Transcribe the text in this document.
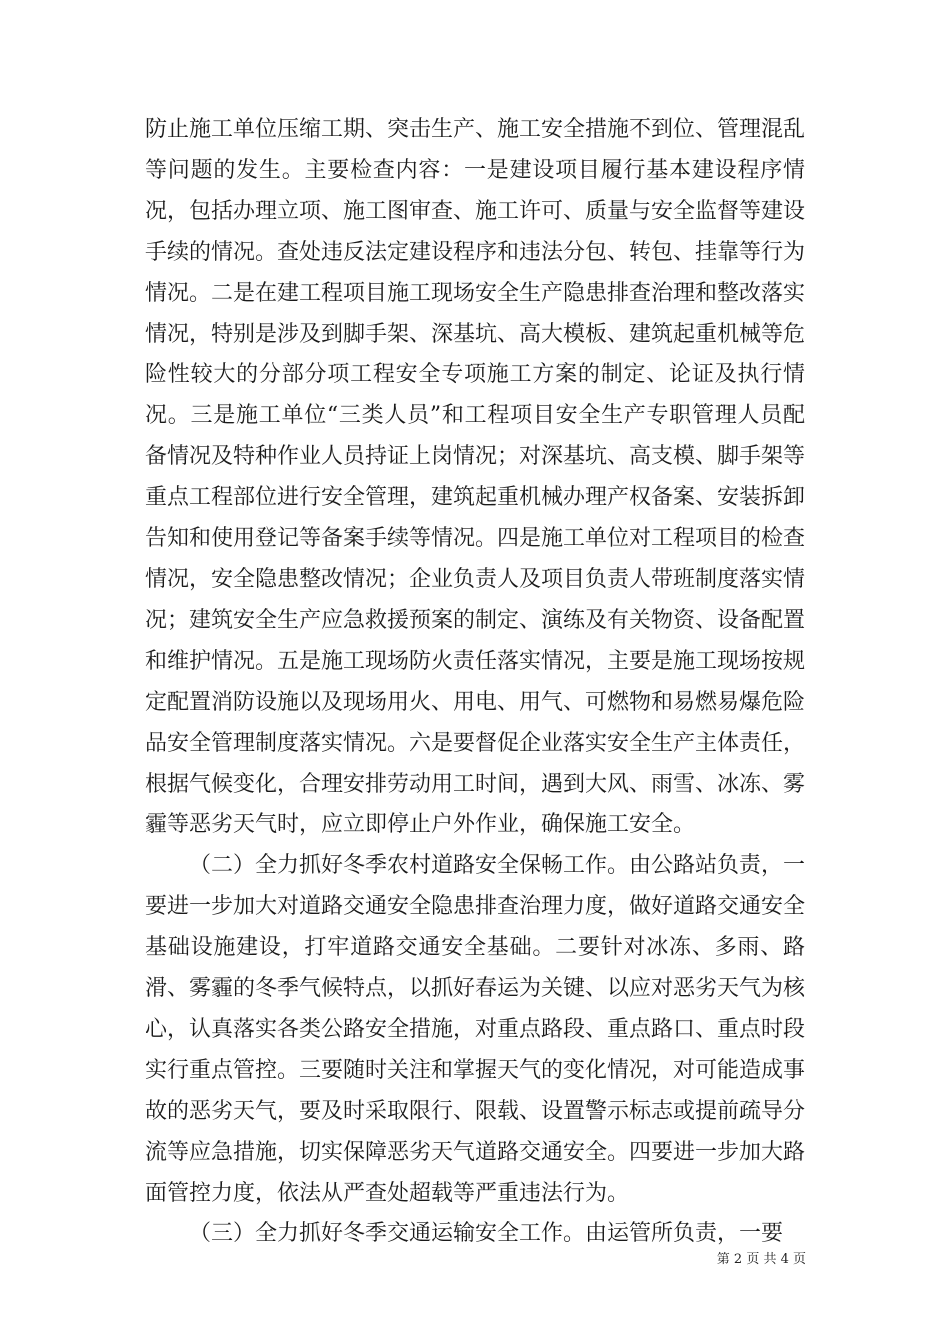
防止施工单位压缩工期、突击生产、施工安全措施不到位、管理混乱等问题的发生。主要检查内容：一是建设项目履行基本建设程序情况，包括办理立项、施工图审查、施工许可、质量与安全监督等建设手续的情况。查处违反法定建设程序和违法分包、转包、挂靠等行为情况。二是在建工程项目施工现场安全生产隐患排查治理和整改落实情况，特别是涉及到脚手架、深基坑、高大模板、建筑起重机械等危险性较大的分部分项工程安全专项施工方案的制定、论证及执行情况。三是施工单位“三类人员”和工程项目安全生产专职管理人员配备情况及特种作业人员持证上岗情况；对深基坑、高支模、脚手架等重点工程部位进行安全管理，建筑起重机械办理产权备案、安装拆卸告知和使用登记等备案手续等情况。四是施工单位对工程项目的检查情况，安全隐患整改情况；企业负责人及项目负责人带班制度落实情况；建筑安全生产应急救援预案的制定、演练及有关物资、设备配置和维护情况。五是施工现场防火责任落实情况，主要是施工现场按规定配置消防设施以及现场用火、用电、用气、可燃物和易燃易爆危险品安全管理制度落实情况。六是要督促企业落实安全生产主体责任，根据气候变化，合理安排劳动用工时间，遇到大风、雨雪、冰冻、雾霾等恶劣天气时，应立即停止户外作业，确保施工安全。

（二）全力抓好冬季农村道路安全保畅工作。由公路站负责，一要进一步加大对道路交通安全隐患排查治理力度，做好道路交通安全基础设施建设，打牢道路交通安全基础。二要针对冰冻、多雨、路滑、雾霾的冬季气候特点，以抓好春运为关键、以应对恶劣天气为核心，认真落实各类公路安全措施，对重点路段、重点路口、重点时段实行重点管控。三要随时关注和掌握天气的变化情况，对可能造成事故的恶劣天气，要及时采取限行、限载、设置警示标志或提前疏导分流等应急措施，切实保障恶劣天气道路交通安全。四要进一步加大路面管控力度，依法从严查处超载等严重违法行为。

（三）全力抓好冬季交通运输安全工作。由运管所负责，一要

第 2 页 共 4 页
